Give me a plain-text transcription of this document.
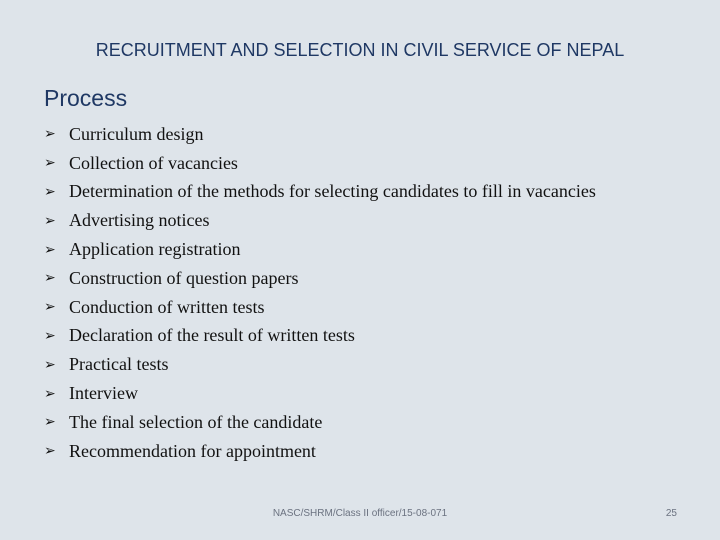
RECRUITMENT AND SELECTION IN CIVIL SERVICE OF NEPAL
Process
➢ Curriculum design
➢ Collection of vacancies
➢ Determination of the methods for selecting candidates to fill in vacancies
➢ Advertising notices
➢ Application registration
➢ Construction of question papers
➢ Conduction of written tests
➢ Declaration of the result of written tests
➢ Practical tests
➢ Interview
➢ The final selection of the candidate
➢ Recommendation for appointment
NASC/SHRM/Class II officer/15-08-071	25
